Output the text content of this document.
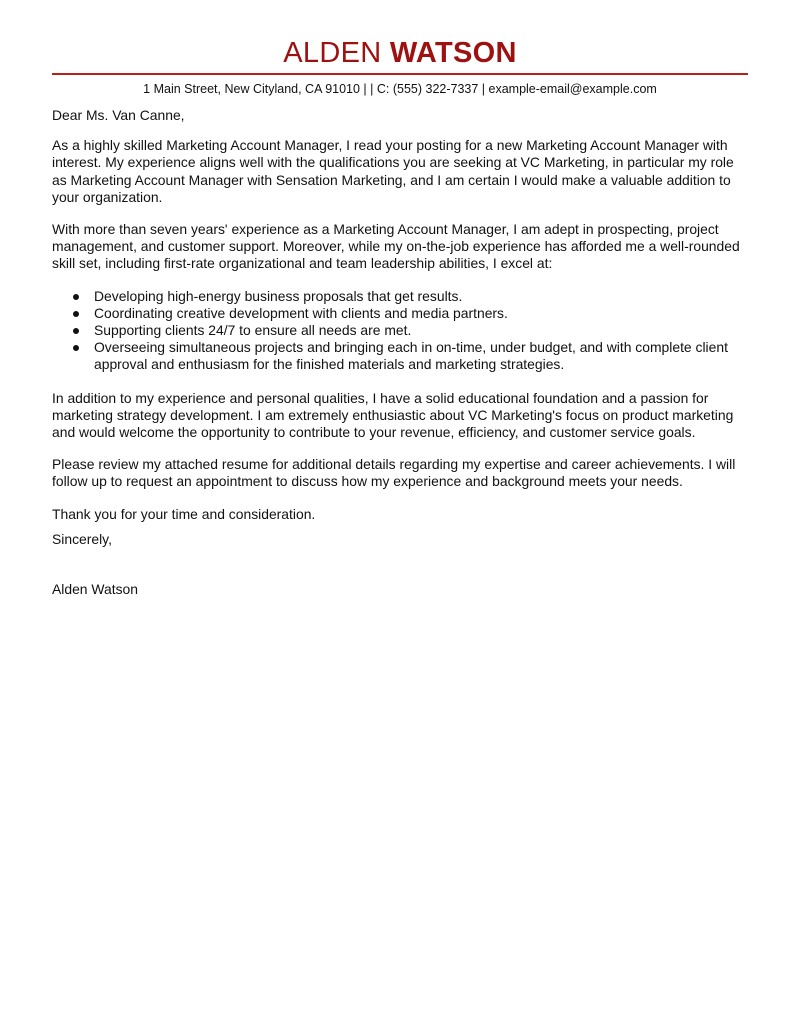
ALDEN WATSON
1 Main Street, New Cityland, CA 91010 | | C: (555) 322-7337 | example-email@example.com

Dear Ms. Van Canne,

As a highly skilled Marketing Account Manager, I read your posting for a new Marketing Account Manager with interest. My experience aligns well with the qualifications you are seeking at VC Marketing, in particular my role as Marketing Account Manager with Sensation Marketing, and I am certain I would make a valuable addition to your organization.

With more than seven years' experience as a Marketing Account Manager, I am adept in prospecting, project management, and customer support. Moreover, while my on-the-job experience has afforded me a well-rounded skill set, including first-rate organizational and team leadership abilities, I excel at:

Developing high-energy business proposals that get results.
Coordinating creative development with clients and media partners.
Supporting clients 24/7 to ensure all needs are met.
Overseeing simultaneous projects and bringing each in on-time, under budget, and with complete client approval and enthusiasm for the finished materials and marketing strategies.

In addition to my experience and personal qualities, I have a solid educational foundation and a passion for marketing strategy development. I am extremely enthusiastic about VC Marketing's focus on product marketing and would welcome the opportunity to contribute to your revenue, efficiency, and customer service goals.

Please review my attached resume for additional details regarding my expertise and career achievements. I will follow up to request an appointment to discuss how my experience and background meets your needs.

Thank you for your time and consideration.

Sincerely,

Alden Watson
